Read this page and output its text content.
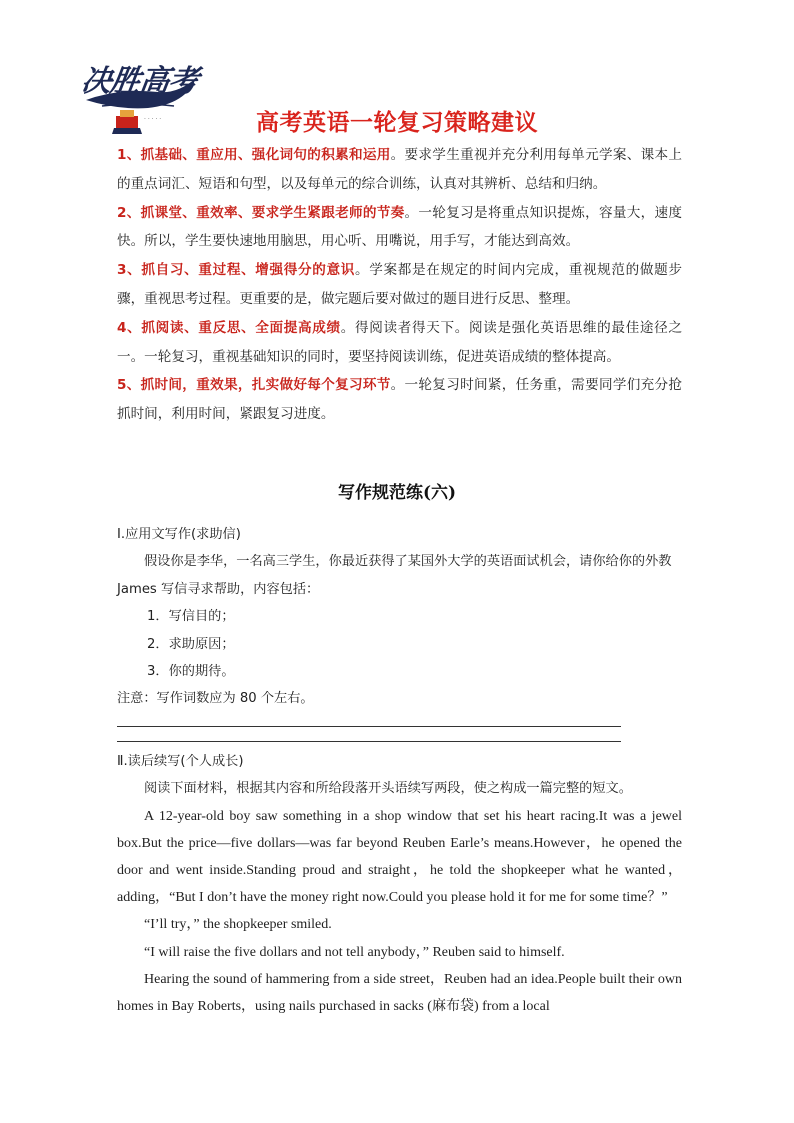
· · · · ·
决胜高考
高考英语一轮复习策略建议

1、抓基础、重应用、强化词句的积累和运用。要求学生重视并充分利用每单元学案、课本上的重点词汇、短语和句型，以及每单元的综合训练，认真对其辨析、总结和归纳。

2、抓课堂、重效率、要求学生紧跟老师的节奏。一轮复习是将重点知识提炼，容量大，速度快。所以，学生要快速地用脑思，用心听、用嘴说，用手写，才能达到高效。

3、抓自习、重过程、增强得分的意识。学案都是在规定的时间内完成，重视规范的做题步骤，重视思考过程。更重要的是，做完题后要对做过的题目进行反思、整理。

4、抓阅读、重反思、全面提高成绩。得阅读者得天下。阅读是强化英语思维的最佳途径之一。一轮复习，重视基础知识的同时，要坚持阅读训练，促进英语成绩的整体提高。

5、抓时间，重效果，扎实做好每个复习环节。一轮复习时间紧，任务重，需要同学们充分抢抓时间，利用时间，紧跟复习进度。

写作规范练(六)

Ⅰ.应用文写作(求助信)

假设你是李华，一名高三学生，你最近获得了某国外大学的英语面试机会，请你给你的外教 James 写信寻求帮助，内容包括：

1．写信目的；

2．求助原因；

3．你的期待。

注意：写作词数应为 80 个左右。

Ⅱ.读后续写(个人成长)

阅读下面材料，根据其内容和所给段落开头语续写两段，使之构成一篇完整的短文。

A 12-year-old boy saw something in a shop window that set his heart racing.It was a jewel box.But the price—five dollars—was far beyond Reuben Earle’s means.However，he opened the door and went inside.Standing proud and straight，he told the shopkeeper what he wanted，adding，“But I don’t have the money right now.Could you please hold it for me for some time？”

“I’ll try，” the shopkeeper smiled.

“I will raise the five dollars and not tell anybody，” Reuben said to himself.

Hearing the sound of hammering from a side street，Reuben had an idea.People built their own homes in Bay Roberts，using nails purchased in sacks (麻布袋) from a local
